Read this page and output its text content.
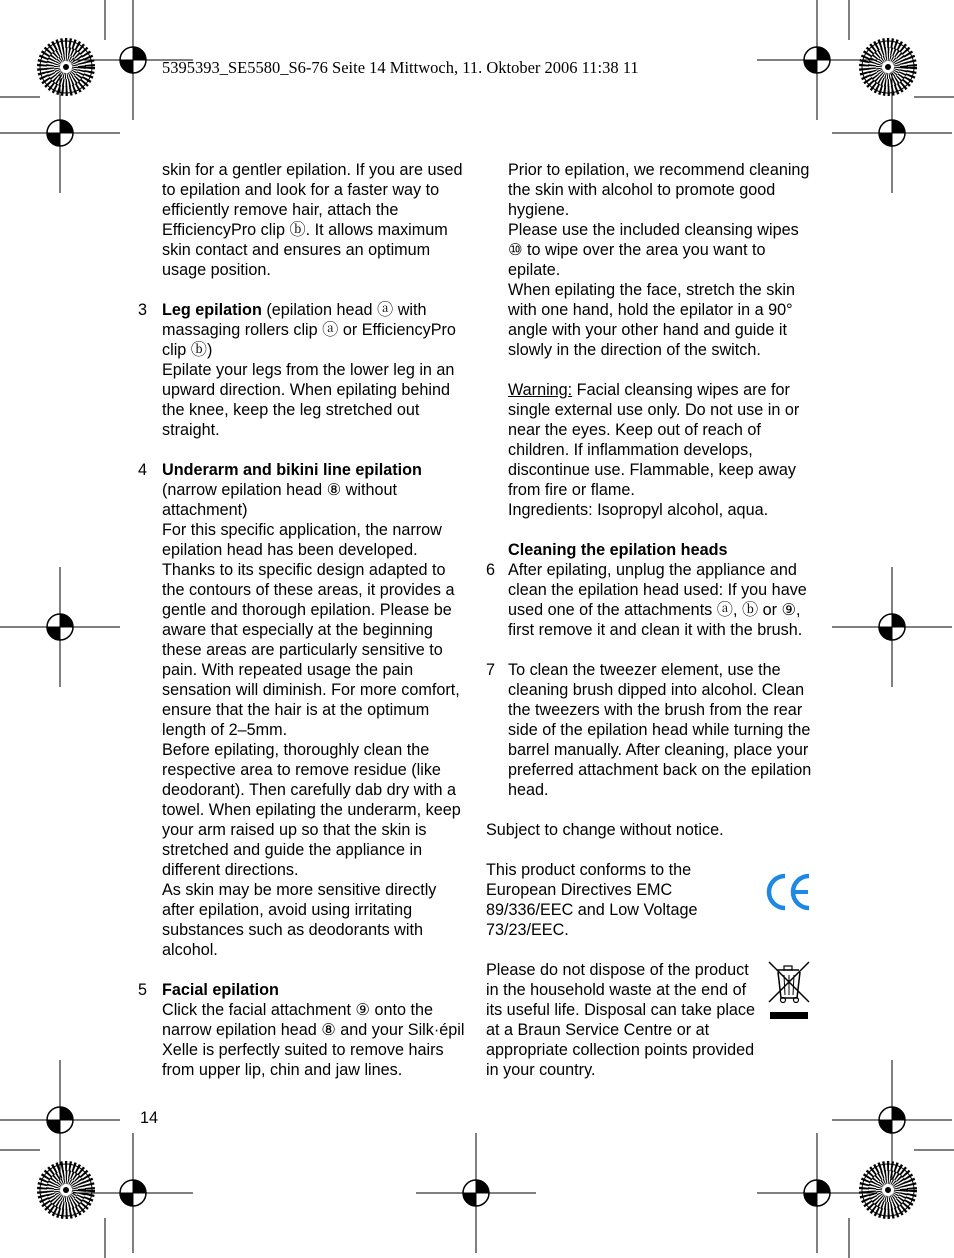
5395393_SE5580_S6-76 Seite 14 Mittwoch, 11. Oktober 2006 11:38 11

skin for a gentler epilation. If you are used to epilation and look for a faster way to efficiently remove hair, attach the EfficiencyPro clip ⓑ. It allows maximum skin contact and ensures an optimum usage position.

3 Leg epilation (epilation head ⓐ with massaging rollers clip ⓐ or EfficiencyPro clip ⓑ)

Epilate your legs from the lower leg in an upward direction. When epilating behind the knee, keep the leg stretched out straight.

4 Underarm and bikini line epilation

(narrow epilation head ⑧ without attachment)

For this specific application, the narrow epilation head has been developed. Thanks to its specific design adapted to the contours of these areas, it provides a gentle and thorough epilation. Please be aware that especially at the beginning these areas are particularly sensitive to pain. With repeated usage the pain sensation will diminish. For more comfort, ensure that the hair is at the optimum length of 2–5mm.

Before epilating, thoroughly clean the respective area to remove residue (like deodorant). Then carefully dab dry with a towel. When epilating the underarm, keep your arm raised up so that the skin is stretched and guide the appliance in different directions.

As skin may be more sensitive directly after epilation, avoid using irritating substances such as deodorants with alcohol.

5 Facial epilation

Click the facial attachment ⑨ onto the narrow epilation head ⑧ and your Silk·épil Xelle is perfectly suited to remove hairs from upper lip, chin and jaw lines.

Prior to epilation, we recommend cleaning the skin with alcohol to promote good hygiene.

Please use the included cleansing wipes ⑩ to wipe over the area you want to epilate.

When epilating the face, stretch the skin with one hand, hold the epilator in a 90° angle with your other hand and guide it slowly in the direction of the switch.

Warning: Facial cleansing wipes are for single external use only. Do not use in or near the eyes. Keep out of reach of children. If inflammation develops, discontinue use. Flammable, keep away from fire or flame.

Ingredients: Isopropyl alcohol, aqua.

Cleaning the epilation heads

6 After epilating, unplug the appliance and clean the epilation head used: If you have used one of the attachments ⓐ, ⓑ or ⑨, first remove it and clean it with the brush.

7 To clean the tweezer element, use the cleaning brush dipped into alcohol. Clean the tweezers with the brush from the rear side of the epilation head while turning the barrel manually. After cleaning, place your preferred attachment back on the epilation head.

Subject to change without notice.

This product conforms to the European Directives EMC 89/336/EEC and Low Voltage 73/23/EEC.

Please do not dispose of the product in the household waste at the end of its useful life. Disposal can take place at a Braun Service Centre or at appropriate collection points provided in your country.

14
